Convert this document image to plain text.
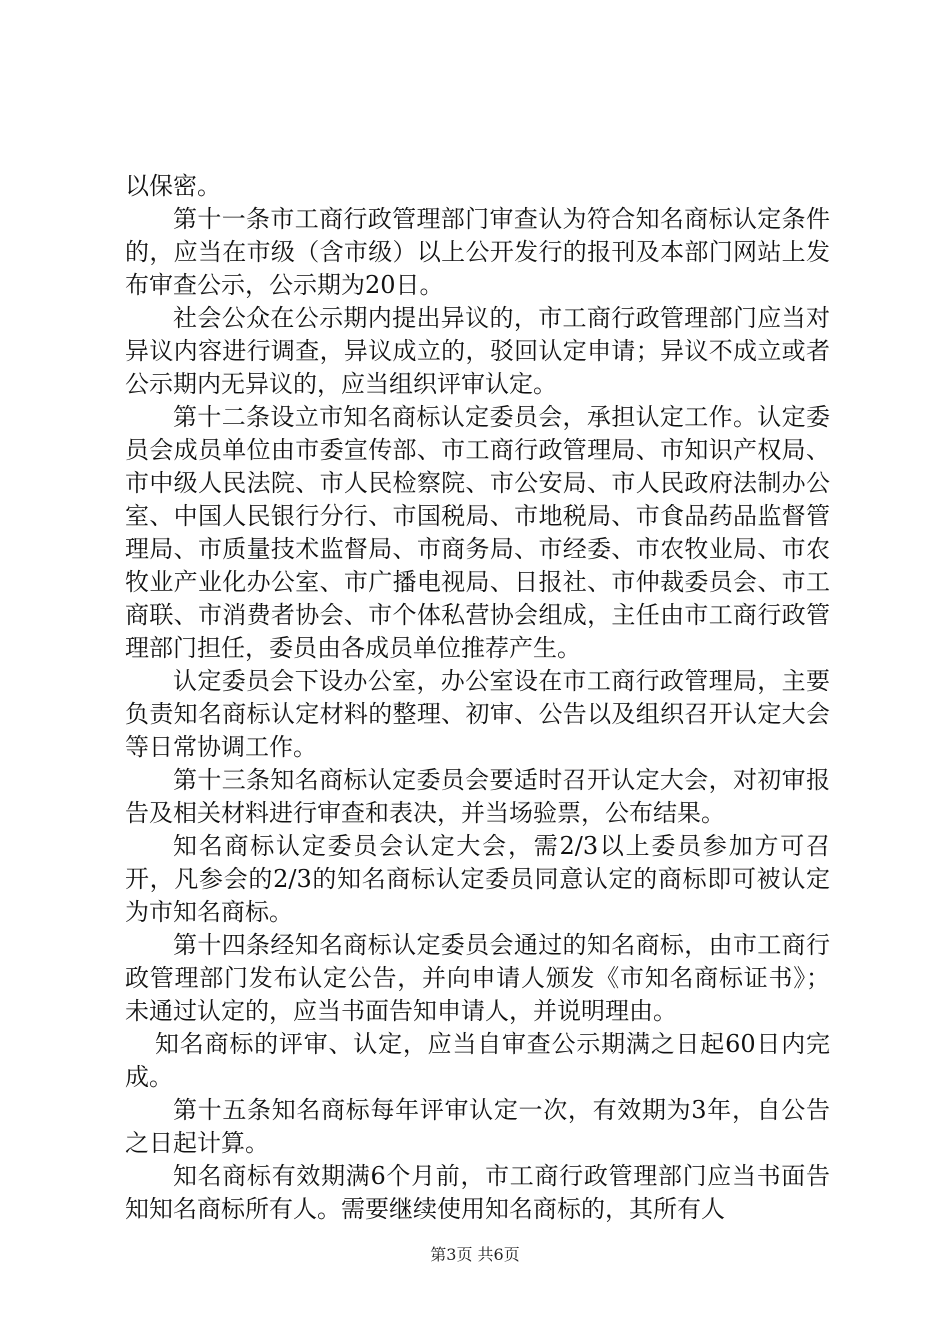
以保密。

第十一条市工商行政管理部门审查认为符合知名商标认定条件的，应当在市级（含市级）以上公开发行的报刊及本部门网站上发布审查公示，公示期为20日。

社会公众在公示期内提出异议的，市工商行政管理部门应当对异议内容进行调查，异议成立的，驳回认定申请；异议不成立或者公示期内无异议的，应当组织评审认定。

第十二条设立市知名商标认定委员会，承担认定工作。认定委员会成员单位由市委宣传部、市工商行政管理局、市知识产权局、市中级人民法院、市人民检察院、市公安局、市人民政府法制办公室、中国人民银行分行、市国税局、市地税局、市食品药品监督管理局、市质量技术监督局、市商务局、市经委、市农牧业局、市农牧业产业化办公室、市广播电视局、日报社、市仲裁委员会、市工商联、市消费者协会、市个体私营协会组成，主任由市工商行政管理部门担任，委员由各成员单位推荐产生。

认定委员会下设办公室，办公室设在市工商行政管理局，主要负责知名商标认定材料的整理、初审、公告以及组织召开认定大会等日常协调工作。

第十三条知名商标认定委员会要适时召开认定大会，对初审报告及相关材料进行审查和表决，并当场验票，公布结果。

知名商标认定委员会认定大会，需2/3以上委员参加方可召开，凡参会的2/3的知名商标认定委员同意认定的商标即可被认定为市知名商标。

第十四条经知名商标认定委员会通过的知名商标，由市工商行政管理部门发布认定公告，并向申请人颁发《市知名商标证书》；未通过认定的，应当书面告知申请人，并说明理由。

知名商标的评审、认定，应当自审查公示期满之日起60日内完成。

第十五条知名商标每年评审认定一次，有效期为3年，自公告之日起计算。

知名商标有效期满6个月前，市工商行政管理部门应当书面告知知名商标所有人。需要继续使用知名商标的，其所有人

第3页 共6页
